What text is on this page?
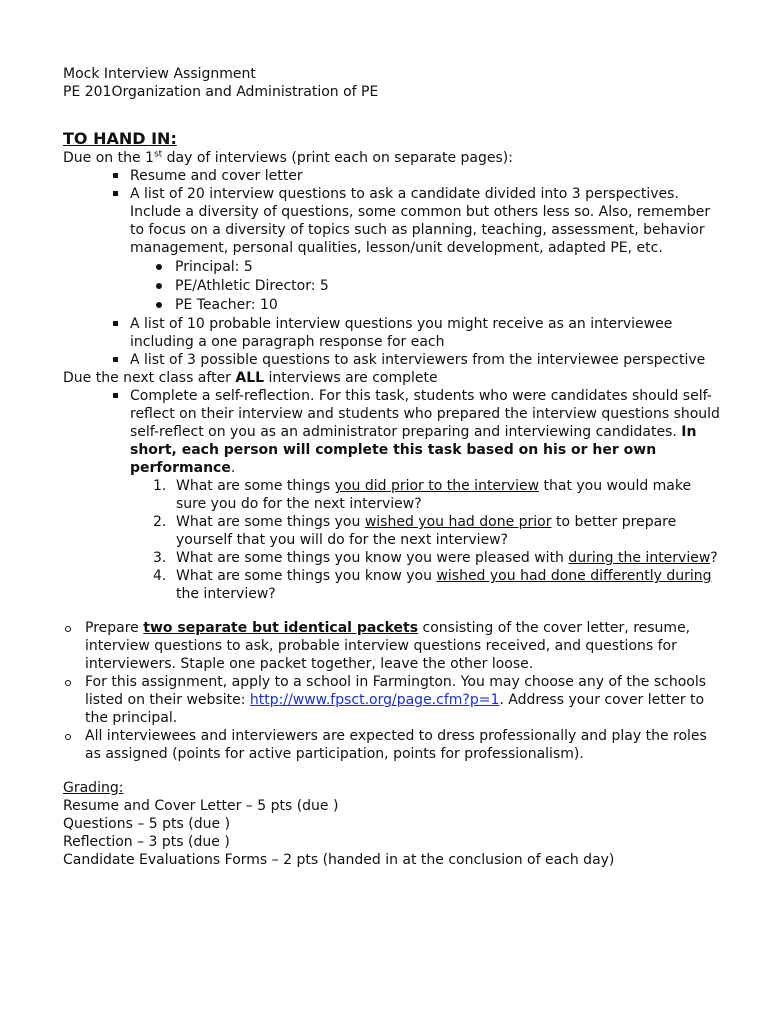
Mock Interview Assignment

PE 201Organization and Administration of PE

TO HAND IN:

Due on the 1st day of interviews (print each on separate pages):

Resume and cover letter
A list of 20 interview questions to ask a candidate divided into 3 perspectives. Include a diversity of questions, some common but others less so. Also, remember to focus on a diversity of topics such as planning, teaching, assessment, behavior management, personal qualities, lesson/unit development, adapted PE, etc.
Principal: 5
PE/Athletic Director: 5
PE Teacher: 10
A list of 10 probable interview questions you might receive as an interviewee including a one paragraph response for each
A list of 3 possible questions to ask interviewers from the interviewee perspective

Due the next class after ALL interviews are complete

Complete a self-reflection. For this task, students who were candidates should self-reflect on their interview and students who prepared the interview questions should self-reflect on you as an administrator preparing and interviewing candidates. In short, each person will complete this task based on his or her own performance.
1. What are some things you did prior to the interview that you would make sure you do for the next interview?
2. What are some things you wished you had done prior to better prepare yourself that you will do for the next interview?
3. What are some things you know you were pleased with during the interview?
4. What are some things you know you wished you had done differently during the interview?
Prepare two separate but identical packets consisting of the cover letter, resume, interview questions to ask, probable interview questions received, and questions for interviewers. Staple one packet together, leave the other loose.
For this assignment, apply to a school in Farmington. You may choose any of the schools listed on their website: http://www.fpsct.org/page.cfm?p=1. Address your cover letter to the principal.
All interviewees and interviewers are expected to dress professionally and play the roles as assigned (points for active participation, points for professionalism).

Grading:

Resume and Cover Letter – 5 pts (due )

Questions – 5 pts (due )

Reflection – 3 pts (due )

Candidate Evaluations Forms – 2 pts (handed in at the conclusion of each day)
